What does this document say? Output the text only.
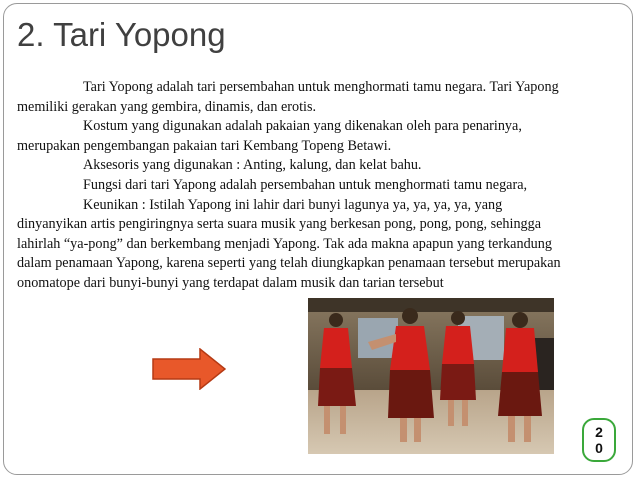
2. Tari Yopong

Tari Yopong adalah tari persembahan untuk menghormati tamu negara. Tari Yapong

memiliki gerakan yang gembira, dinamis, dan erotis.

Kostum yang digunakan adalah pakaian yang dikenakan oleh para penarinya,

merupakan pengembangan pakaian tari Kembang Topeng Betawi.

Aksesoris yang digunakan : Anting, kalung, dan kelat bahu.

Fungsi dari tari Yapong adalah persembahan untuk menghormati tamu negara,

Keunikan : Istilah Yapong ini lahir dari bunyi lagunya ya, ya, ya, ya, yang

dinyanyikan artis pengiringnya serta suara musik yang berkesan pong, pong, pong, sehingga

lahirlah “ya-pong” dan berkembang menjadi Yapong. Tak ada makna apapun yang terkandung

dalam penamaan Yapong, karena seperti yang telah diungkapkan penamaan tersebut merupakan

onomatope dari bunyi-bunyi yang terdapat dalam musik dan tarian tersebut

2
0
